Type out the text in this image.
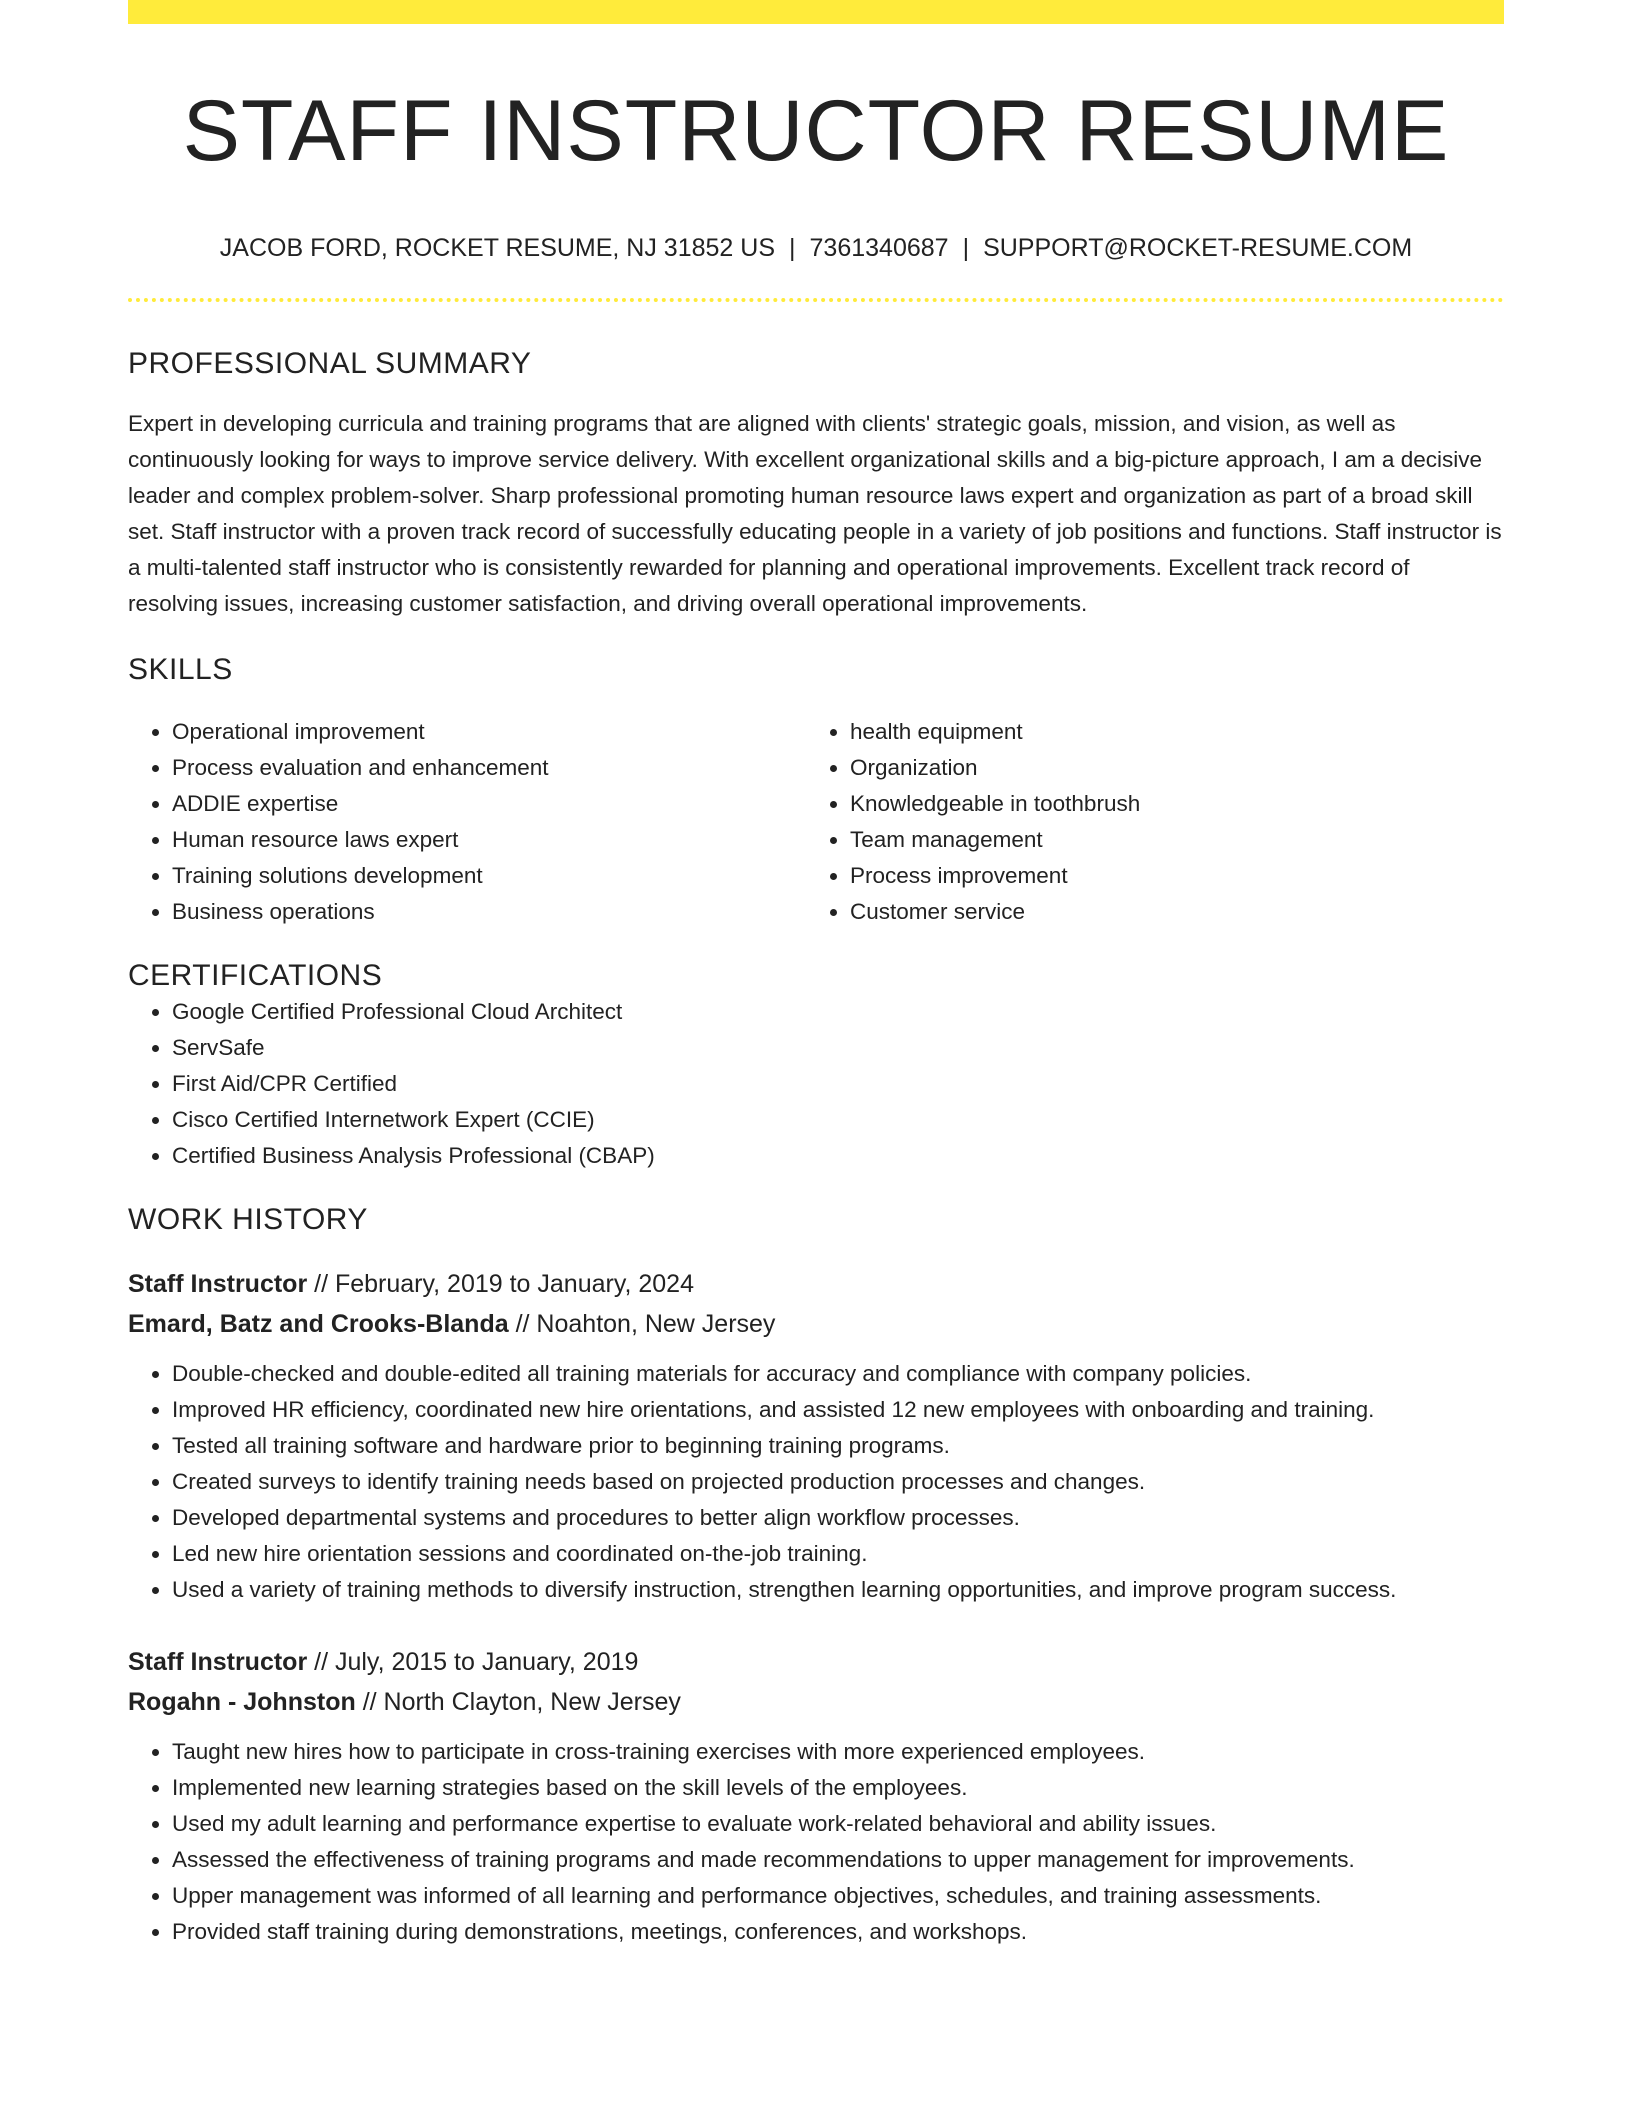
STAFF INSTRUCTOR RESUME
JACOB FORD, ROCKET RESUME, NJ 31852 US | 7361340687 | SUPPORT@ROCKET-RESUME.COM
PROFESSIONAL SUMMARY

Expert in developing curricula and training programs that are aligned with clients' strategic goals, mission, and vision, as well as continuously looking for ways to improve service delivery. With excellent organizational skills and a big-picture approach, I am a decisive leader and complex problem-solver. Sharp professional promoting human resource laws expert and organization as part of a broad skill set. Staff instructor with a proven track record of successfully educating people in a variety of job positions and functions. Staff instructor is a multi-talented staff instructor who is consistently rewarded for planning and operational improvements. Excellent track record of resolving issues, increasing customer satisfaction, and driving overall operational improvements.

SKILLS
• Operational improvement
• Process evaluation and enhancement
• ADDIE expertise
• Human resource laws expert
• Training solutions development
• Business operations
• health equipment
• Organization
• Knowledgeable in toothbrush
• Team management
• Process improvement
• Customer service
CERTIFICATIONS
• Google Certified Professional Cloud Architect
• ServSafe
• First Aid/CPR Certified
• Cisco Certified Internetwork Expert (CCIE)
• Certified Business Analysis Professional (CBAP)
WORK HISTORY
Staff Instructor // February, 2019 to January, 2024
Emard, Batz and Crooks-Blanda // Noahton, New Jersey
• Double-checked and double-edited all training materials for accuracy and compliance with company policies.
• Improved HR efficiency, coordinated new hire orientations, and assisted 12 new employees with onboarding and training.
• Tested all training software and hardware prior to beginning training programs.
• Created surveys to identify training needs based on projected production processes and changes.
• Developed departmental systems and procedures to better align workflow processes.
• Led new hire orientation sessions and coordinated on-the-job training.
• Used a variety of training methods to diversify instruction, strengthen learning opportunities, and improve program success.
Staff Instructor // July, 2015 to January, 2019
Rogahn - Johnston // North Clayton, New Jersey
• Taught new hires how to participate in cross-training exercises with more experienced employees.
• Implemented new learning strategies based on the skill levels of the employees.
• Used my adult learning and performance expertise to evaluate work-related behavioral and ability issues.
• Assessed the effectiveness of training programs and made recommendations to upper management for improvements.
• Upper management was informed of all learning and performance objectives, schedules, and training assessments.
• Provided staff training during demonstrations, meetings, conferences, and workshops.
